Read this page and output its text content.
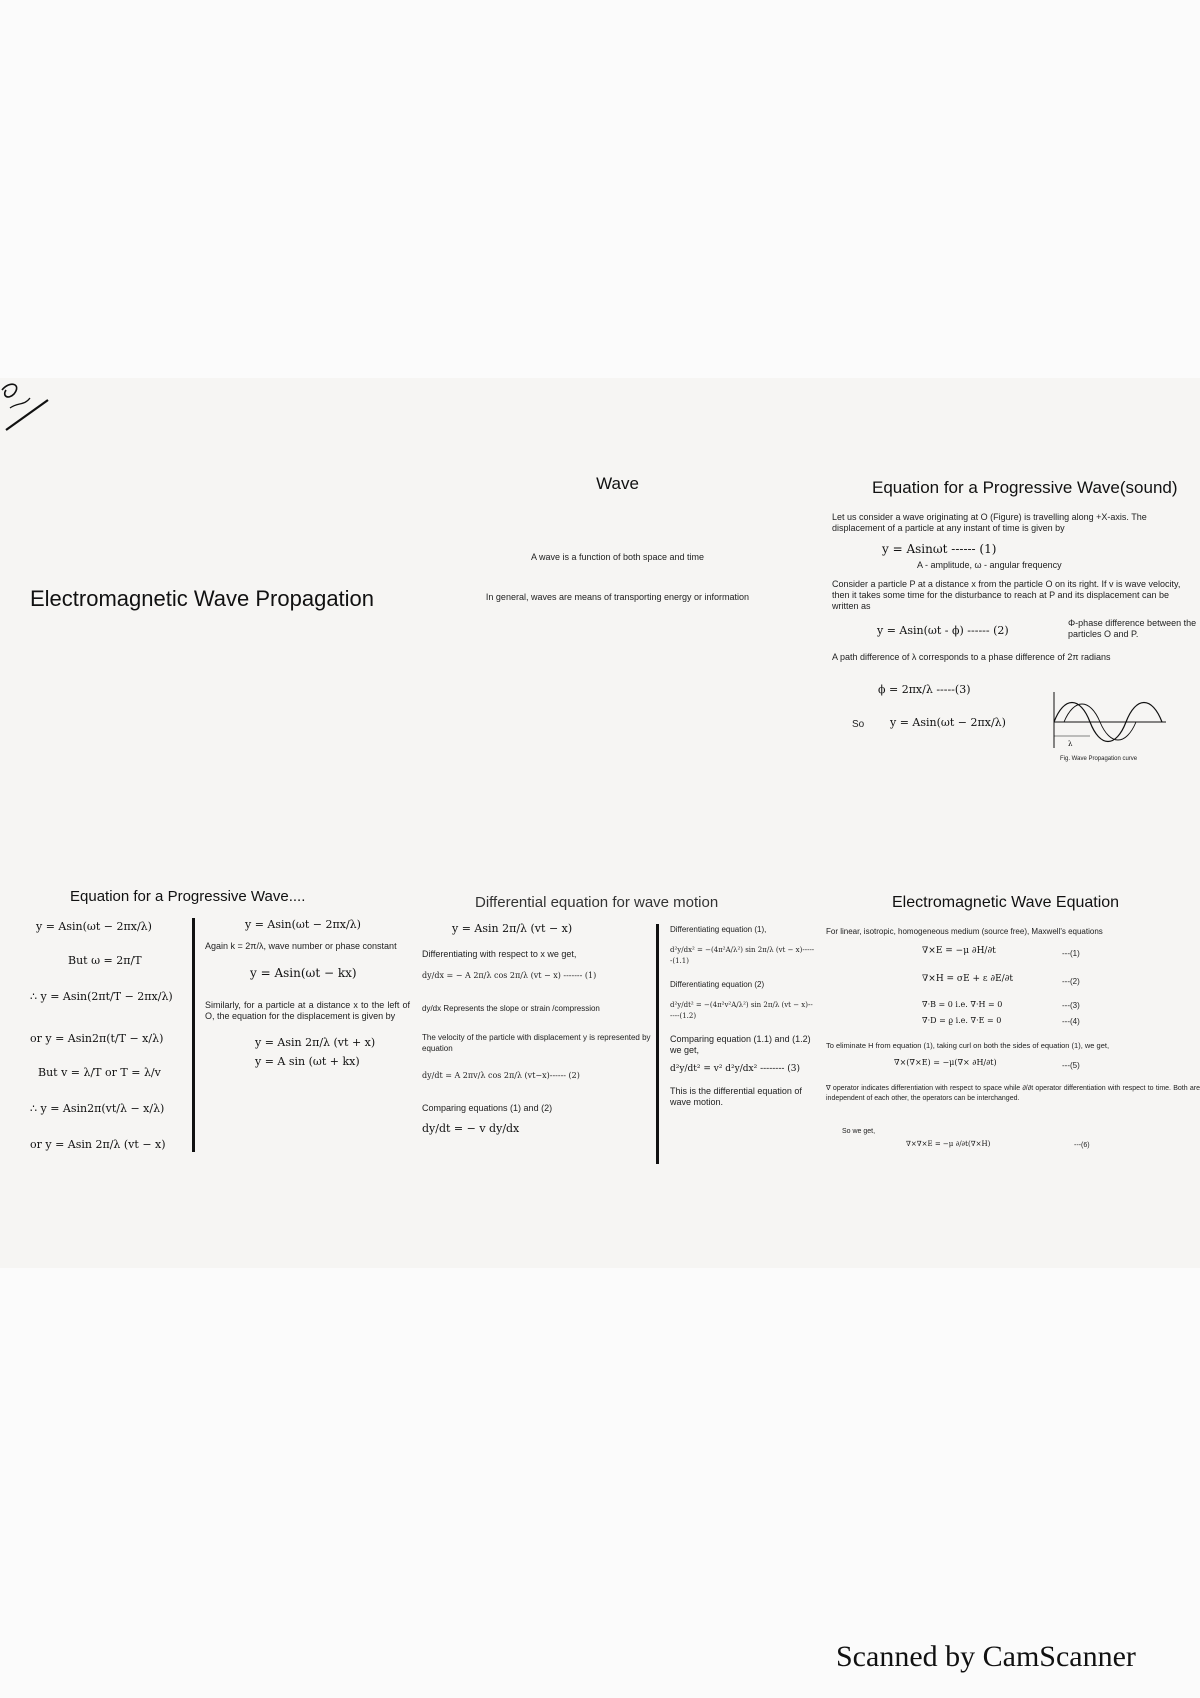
Electromagnetic Wave Propagation
Wave
A wave is a function of both space and time
In general, waves are means of transporting energy or information
Equation for a Progressive Wave(sound)
Let us consider a wave originating at O (Figure) is travelling along +X-axis. The displacement of a particle at any instant of time is given by
y = Asinωt ------ (1)
A - amplitude, ω - angular frequency
Consider a particle P at a distance x from the particle O on its right. If v is wave velocity, then it takes some time for the disturbance to reach at P and its displacement can be written as
y = Asin(ωt - ϕ) ------ (2)
Φ-phase difference between the particles O and P.
A path difference of λ corresponds to a phase difference of 2π radians
ϕ = 2πx/λ -----(3)
So y = Asin(ωt − 2πx/λ)
λ
Fig. Wave Propagation curve
Equation for a Progressive Wave....
y = Asin(ωt − 2πx/λ)
But ω = 2π/T
∴ y = Asin(2πt/T − 2πx/λ)
or y = Asin2π(t/T − x/λ)
But v = λ/T or T = λ/v
∴ y = Asin2π(vt/λ − x/λ)
or y = Asin 2π/λ (vt − x)
y = Asin(ωt − 2πx/λ)
Again k = 2π/λ, wave number or phase constant
y = Asin(ωt − kx)
Similarly, for a particle at a distance x to the left of O, the equation for the displacement is given by
y = Asin 2π/λ (vt + x)
y = A sin (ωt + kx)
Differential equation for wave motion
y = Asin 2π/λ (vt − x)
Differentiating with respect to x we get,
dy/dx = − A 2π/λ cos 2π/λ (vt − x) ------- (1)
dy/dx Represents the slope or strain /compression
The velocity of the particle with displacement y is represented by equation
dy/dt = A 2πv/λ cos 2π/λ (vt−x)------ (2)
Comparing equations (1) and (2)
dy/dt = − v dy/dx
Differentiating equation (1),
d²y/dx² = −(4π²A/λ²) sin 2π/λ (vt − x)------(1.1)
Differentiating equation (2)
d²y/dt² = −(4π²v²A/λ²) sin 2π/λ (vt − x)------(1.2)
Comparing equation (1.1) and (1.2) we get,
d²y/dt² = v² d²y/dx² -------- (3)
This is the differential equation of wave motion.
Electromagnetic Wave Equation
For linear, isotropic, homogeneous medium (source free), Maxwell's equations
∇×E = −μ ∂H/∂t	---(1)
∇×H = σE + ε ∂E/∂t	---(2)
∇·B = 0 i.e. ∇·H = 0	---(3)
∇·D = ϱ i.e. ∇·E = 0	---(4)
To eliminate H from equation (1), taking curl on both the sides of equation (1), we get,
∇×(∇×E) = −μ(∇× ∂H/∂t)	---(5)
∇ operator indicates differentiation with respect to space while ∂/∂t operator differentiation with respect to time. Both are independent of each other, the operators can be interchanged.
So we get,
∇×∇×E = −μ ∂/∂t(∇×H)	---(6)
Scanned by CamScanner
